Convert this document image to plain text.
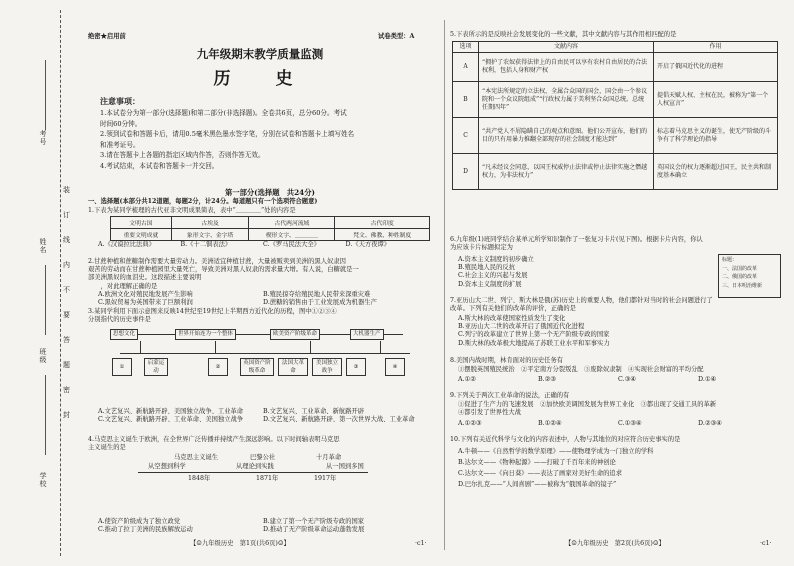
考号
姓名
班级
学校
装
订
线
内
不
要
答
题
密
封
绝密★启用前	试卷类型：A
九年级期末教学质量监测
历　史
注意事项：
1.本试卷分为第一部分(选择题)和第二部分(非选择题)。全卷共6页，总分60分。考试
时间60分钟。
2.领到试卷和答题卡后，请用0.5毫米黑色墨水签字笔，分别在试卷和答题卡上填写姓名
和准考证号。
3.请在答题卡上各题的指定区域内作答，否则作答无效。
4.考试结束，本试卷和答题卡一并交回。
第一部分(选择题　共24分)
一、选择题(本部分共12道题，每题2分，计24分。每道题只有一个选项符合题意)
1.下表为某同学梳理的古代亚非文明成果简表，表中“＿＿＿＿”处的内容是
文明古国	古埃及	古代两河流域	古代印度
重要文明成就	象形文字、金字塔	楔形文字、＿＿＿＿	梵文、佛教、种姓制度
A.《汉谟拉比法典》	B.《十二铜表法》	C.《罗马民法大全》	D.《天方夜谭》
2.甘蔗种植和蔗糖制作需要大量劳动力。美洲适宜种植甘蔗，大量被贩卖到美洲的黑人奴隶因
艰苦的劳动而在甘蔗种植园里大量死亡，导致美洲对黑人奴隶的需求量大增。有人说，白糖就是一
部美洲黑奴的血泪史。这段描述主要说明
　　，对此理解正确的是
A.欧洲文化对殖民地发展产生影响	B.殖民掠夺给殖民地人民带来深重灾难
C.黑奴贸易为英国带来了巨额利润	D.蔗糖的销售由于工业发展成为机器生产
3.某同学利用下面示意图来反映14世纪至19世纪上半期西方近代化的历程，图中①②③④
分别指代的历史事件是
思想文化	世界开始连为一个整体	欧美资产阶级革命	大机器生产
①
启蒙运动
②
英国资产阶级革命
法国大革命
美国独立战争
③	④
A.文艺复兴、新航路开辟、美国独立战争、工业革命	B.文艺复兴、工业革命、新航路开辟
C.文艺复兴、新航路开辟、工业革命、美国独立战争	D.文艺复兴、新航路开辟、第一次世界大战、工业革命
4.马克思主义诞生于欧洲，在全世界广泛传播并持续产生深远影响。以下时间轴表明马克思
主义诞生的是
马克思主义诞生	巴黎公社	十月革命
从空想到科学	从理论到实践	从一国到多国
1848年	1871年	1917年
A.使资产阶级成为了独立政党	B.建立了第一个无产阶级专政的国家
C.推动了拉丁美洲的民族解放运动	D.推动了无产阶级革命运动蓬勃发展
【☺九年级历史　第1页(共6页)☺】	·c1·
5.下表所示的是反映社会发展变化的一些文献，其中文献内容与其作用相匹配的是
选项	文献内容	作用
A	“拥护了农奴获得法律上的自由民可以享有农村自由居民的合法权利，包括人身和财产权	开启了俄国近代化的进程
B	“本宪法所规定的立法权，全属合众国的国会，国会由一个参议院和一个众议院组成”“行政权力属于美利坚合众国总统。总统任期四年”	提倡天赋人权、主权在民，被称为“第一个人权宣言”
C	“共产党人不屑隐瞒自己的观点和意图。他们公开宣布，他们的目的只有用暴力推翻全部现存的社会制度才能达到”	标志着马克思主义的诞生，使无产阶级的斗争有了科学理论的指导
D	“凡未经议会同意，以国王权威停止法律或停止法律实施之僭越权力，为非法权力”	英国议会的权力逐渐超过国王，民主共和制度基本确立
6.九年级(1)班同学结合某单元所学知识制作了一张复习卡片(见下图)。根据卡片内容，你认
为应该卡片标题拟定为
标题：
一、法国的改革
二、俄国的改革
三、日本明治维新
A.资本主义制度的初步确立
B.殖民地人民的反抗
C.社会主义的兴起与发展
D.资本主义制度的扩展
7.亚历山大二世、列宁、斯大林是俄(苏)历史上的重要人物，他们都针对当时的社会问题进行了
改革。下列有关他们的改革的评价，正确的是
A.斯大林的改革使国家性质发生了变化
B.亚历山大二世的改革开启了俄国近代化进程
C.列宁的改革建立了世界上第一个无产阶级专政的国家
D.斯大林的改革极大地提高了苏联工业水平和军事实力
8.美国内战时期，林肯面对的历史任务有
①摆脱英国殖民统治　②平定南方分裂叛乱　③废除奴隶制　④实现社会财富的平均分配
A.①②	B.②③	C.③④	D.①④
9.下列关于两次工业革命的说法，正确的有
①促进了生产力的飞速发展　②加快欧美调国发展为世界工业化　③都出现了交通工具的革新
④都引发了世界性大战
A.①②③	B.①②④	C.①③④	D.②③④
10.下列有关近代科学与文化的内容表述中，人物与其地位的对应符合历史事实的是
A.牛顿——《自然哲学的数学原理》——使物理学成为一门独立的学科
B.达尔文——《物种起源》——打破了千百年来的神创论
C.达尔文——《向日葵》——表达了画家对美好生命的追求
D.巴尔扎克——“人间喜剧”——被称为“俄国革命的镜子”
【☺九年级历史　第2页(共6页)☺】	·c1·
